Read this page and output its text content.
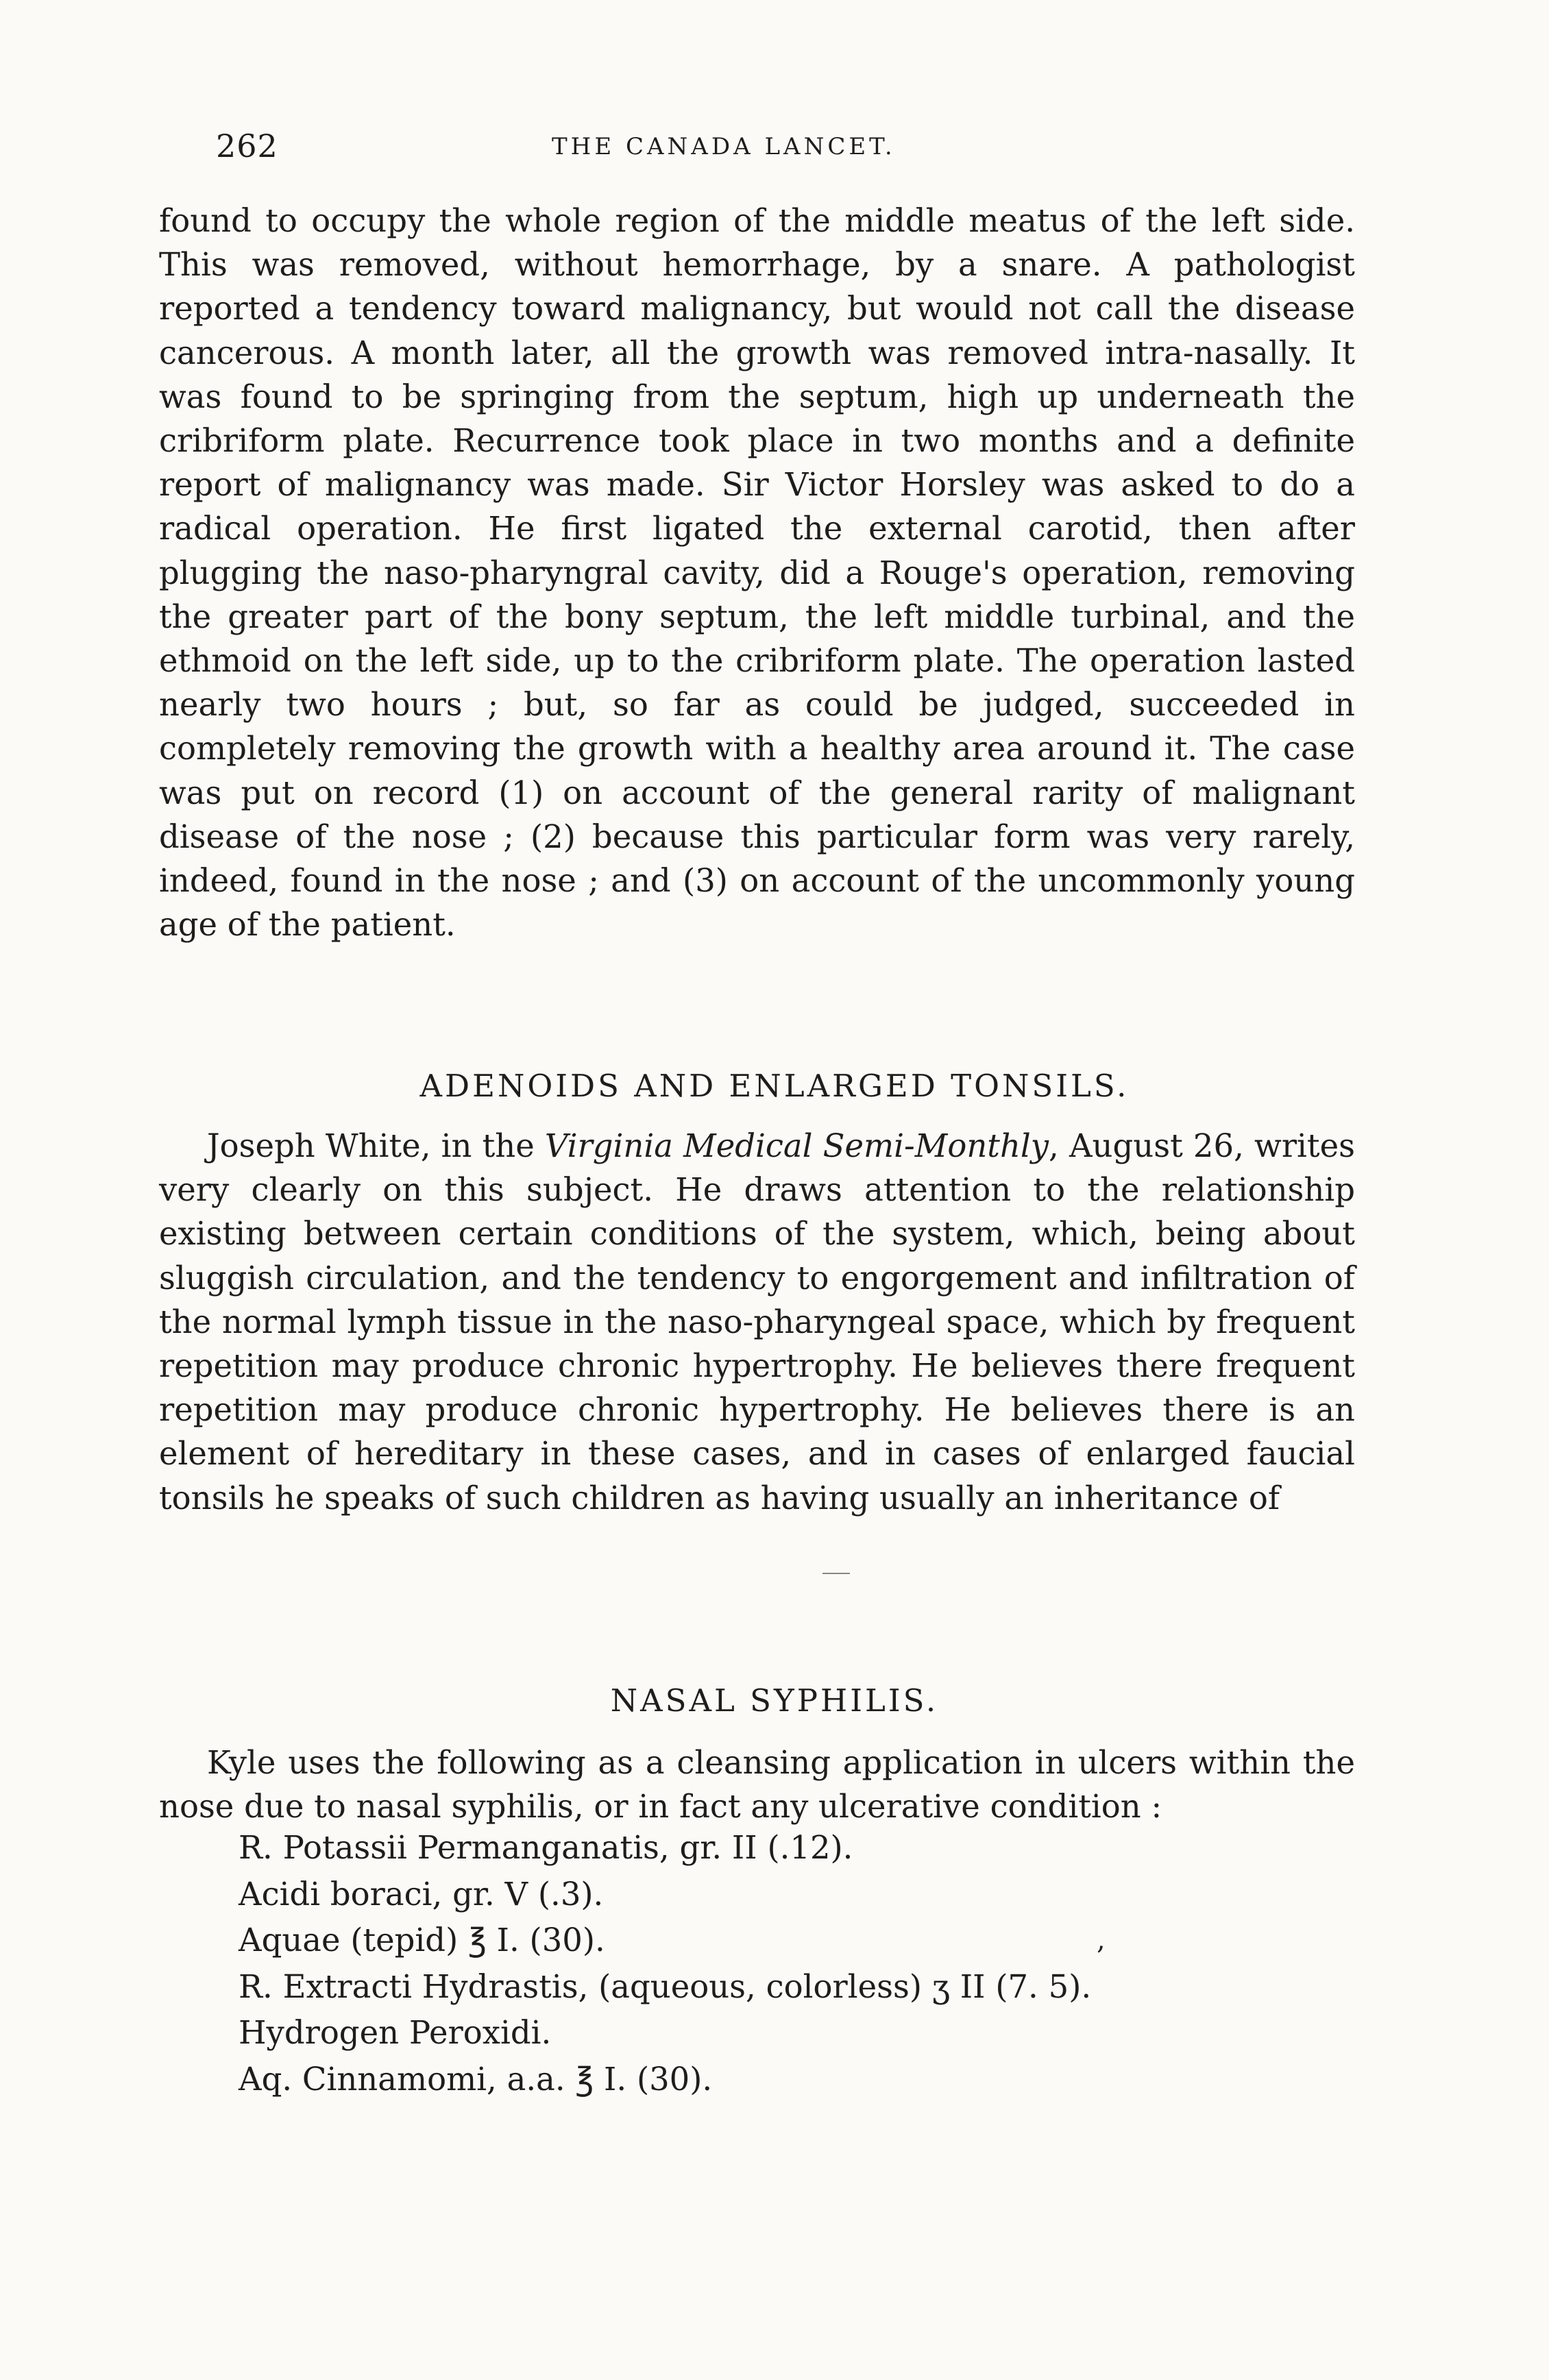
262	THE CANADA LANCET.

found to occupy the whole region of the middle meatus of the left side. This was removed, without hemorrhage, by a snare. A pathologist reported a tendency toward malignancy, but would not call the disease cancerous. A month later, all the growth was removed intra-nasally. It was found to be springing from the septum, high up underneath the cribriform plate. Recurrence took place in two months and a definite report of malignancy was made. Sir Victor Horsley was asked to do a radical operation. He first ligated the external carotid, then after plugging the naso-pharyngral cavity, did a Rouge's operation, removing the greater part of the bony septum, the left middle turbinal, and the ethmoid on the left side, up to the cribriform plate. The operation lasted nearly two hours ; but, so far as could be judged, succeeded in completely removing the growth with a healthy area around it. The case was put on record (1) on account of the general rarity of malignant disease of the nose ; (2) because this particular form was very rarely, indeed, found in the nose ; and (3) on account of the uncommonly young age of the patient.

ADENOIDS AND ENLARGED TONSILS.

Joseph White, in the Virginia Medical Semi-Monthly, August 26, writes very clearly on this subject. He draws attention to the relationship existing between certain conditions of the system, which, being about sluggish circulation, and the tendency to engorgement and infiltration of the normal lymph tissue in the naso-pharyngeal space, which by frequent repetition may produce chronic hypertrophy. He believes there frequent repetition may produce chronic hypertrophy. He believes there is an element of hereditary in these cases, and in cases of enlarged faucial tonsils he speaks of such children as having usually an inheritance of

NASAL SYPHILIS.

Kyle uses the following as a cleansing application in ulcers within the nose due to nasal syphilis, or in fact any ulcerative condition :

R. Potassii Permanganatis, gr. II (.12).
Acidi boraci, gr. V (.3).
Aquae (tepid) ℥ I. (30).
R. Extracti Hydrastis, (aqueous, colorless) ʒ II (7. 5).
Hydrogen Peroxidi.
Aq. Cinnamomi, a.a. ℥ I. (30).
,
